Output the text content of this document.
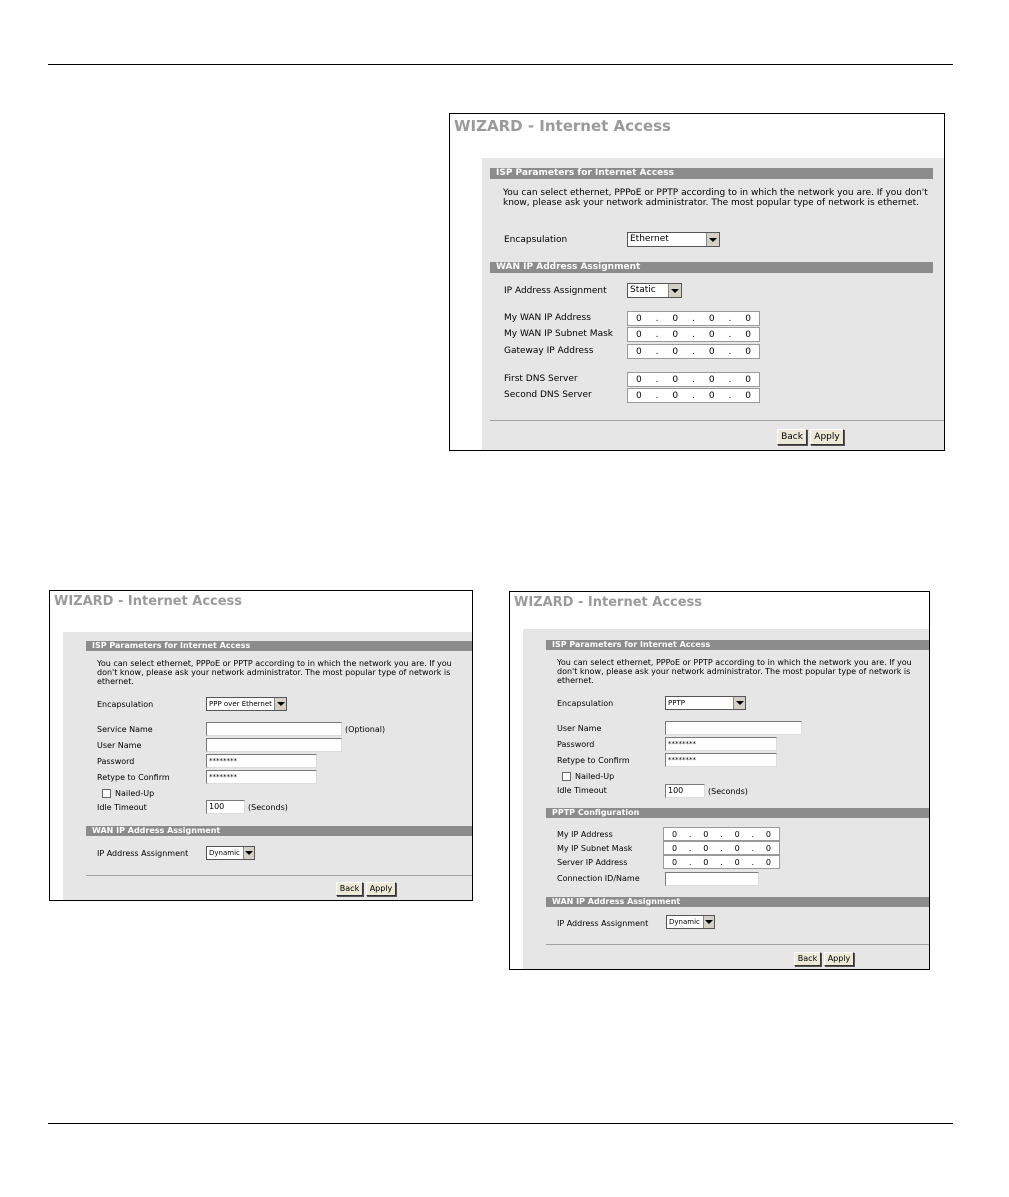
WIZARD - Internet Access
ISP Parameters for Internet Access
You can select ethernet, PPPoE or PPTP according to in which the network you are. If you don't know, please ask your network administrator. The most popular type of network is ethernet.
Encapsulation	Ethernet
WAN IP Address Assignment
IP Address Assignment	Static
My WAN IP Address	0 . 0 . 0 . 0
My WAN IP Subnet Mask	0 . 0 . 0 . 0
Gateway IP Address	0 . 0 . 0 . 0
First DNS Server	0 . 0 . 0 . 0
Second DNS Server	0 . 0 . 0 . 0
Back	Apply
WIZARD - Internet Access
ISP Parameters for Internet Access
You can select ethernet, PPPoE or PPTP according to in which the network you are. If you don't know, please ask your network administrator. The most popular type of network is ethernet.
Encapsulation	PPP over Ethernet
Service Name	(Optional)
User Name
Password	********
Retype to Confirm	********
Nailed-Up
Idle Timeout	100	(Seconds)
WAN IP Address Assignment
IP Address Assignment	Dynamic
Back	Apply
WIZARD - Internet Access
ISP Parameters for Internet Access
You can select ethernet, PPPoE or PPTP according to in which the network you are. If you don't know, please ask your network administrator. The most popular type of network is ethernet.
Encapsulation	PPTP
User Name
Password	********
Retype to Confirm	********
Nailed-Up
Idle Timeout	100	(Seconds)
PPTP Configuration
My IP Address	0 . 0 . 0 . 0
My IP Subnet Mask	0 . 0 . 0 . 0
Server IP Address	0 . 0 . 0 . 0
Connection ID/Name
WAN IP Address Assignment
IP Address Assignment	Dynamic
Back	Apply
